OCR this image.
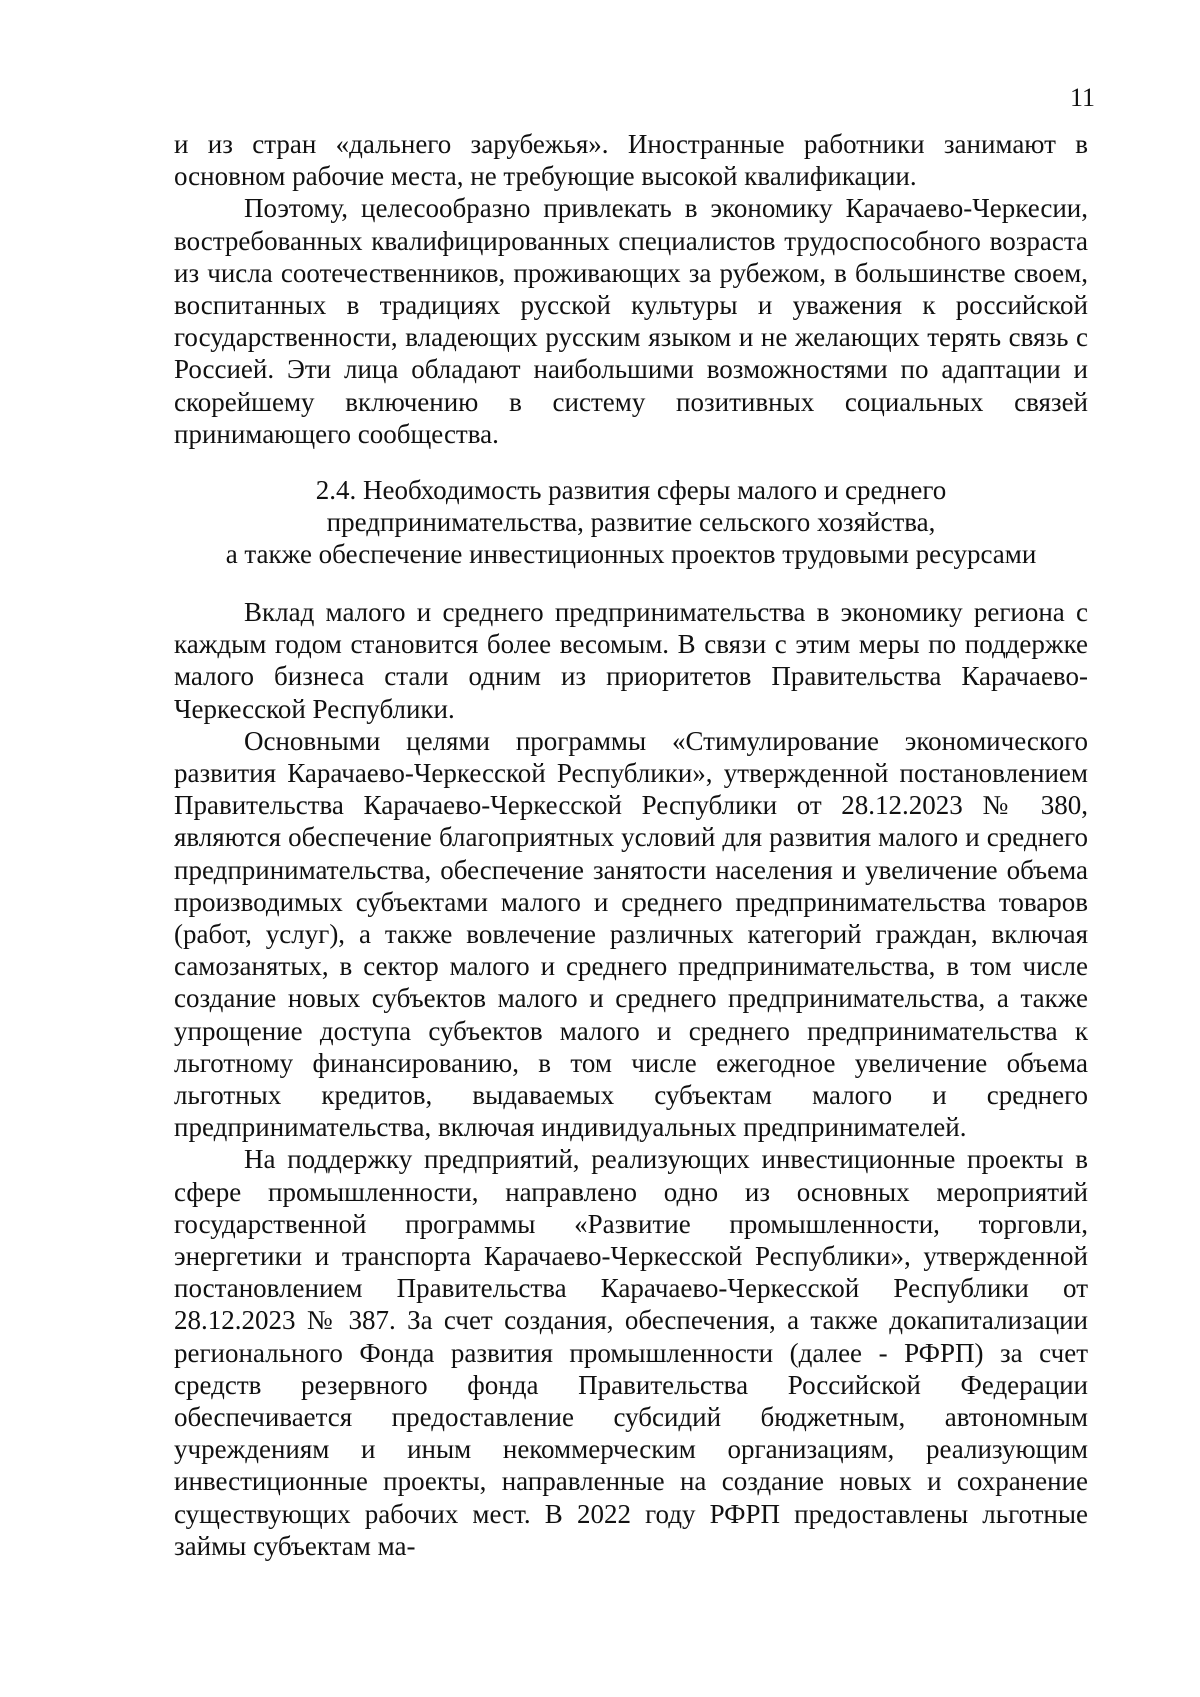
11

и из стран «дальнего зарубежья». Иностранные работники занимают в основном рабочие места, не требующие высокой квалификации.

Поэтому, целесообразно привлекать в экономику Карачаево-Черкесии, востребованных квалифицированных специалистов трудоспособного возраста из числа соотечественников, проживающих за рубежом, в большинстве своем, воспитанных в традициях русской культуры и уважения к российской государственности, владеющих русским языком и не желающих терять связь с Россией. Эти лица обладают наибольшими возможностями по адаптации и скорейшему включению в систему позитивных социальных связей принимающего сообщества.

2.4. Необходимость развития сферы малого и среднего
предпринимательства, развитие сельского хозяйства,
а также обеспечение инвестиционных проектов трудовыми ресурсами

Вклад малого и среднего предпринимательства в экономику региона с каждым годом становится более весомым. В связи с этим меры по поддержке малого бизнеса стали одним из приоритетов Правительства Карачаево-Черкесской Республики.

Основными целями программы «Стимулирование экономического развития Карачаево-Черкесской Республики», утвержденной постановлением Правительства Карачаево-Черкесской Республики от 28.12.2023 № 380, являются обеспечение благоприятных условий для развития малого и среднего предпринимательства, обеспечение занятости населения и увеличение объема производимых субъектами малого и среднего предпринимательства товаров (работ, услуг), а также вовлечение различных категорий граждан, включая самозанятых, в сектор малого и среднего предпринимательства, в том числе создание новых субъектов малого и среднего предпринимательства, а также упрощение доступа субъектов малого и среднего предпринимательства к льготному финансированию, в том числе ежегодное увеличение объема льготных кредитов, выдаваемых субъектам малого и среднего предпринимательства, включая индивидуальных предпринимателей.

На поддержку предприятий, реализующих инвестиционные проекты в сфере промышленности, направлено одно из основных мероприятий государственной программы «Развитие промышленности, торговли, энергетики и транспорта Карачаево-Черкесской Республики», утвержденной постановлением Правительства Карачаево-Черкесской Республики от 28.12.2023 № 387. За счет создания, обеспечения, а также докапитализации регионального Фонда развития промышленности (далее - РФРП) за счет средств резервного фонда Правительства Российской Федерации обеспечивается предоставление субсидий бюджетным, автономным учреждениям и иным некоммерческим организациям, реализующим инвестиционные проекты, направленные на создание новых и сохранение существующих рабочих мест. В 2022 году РФРП предоставлены льготные займы субъектам ма-
